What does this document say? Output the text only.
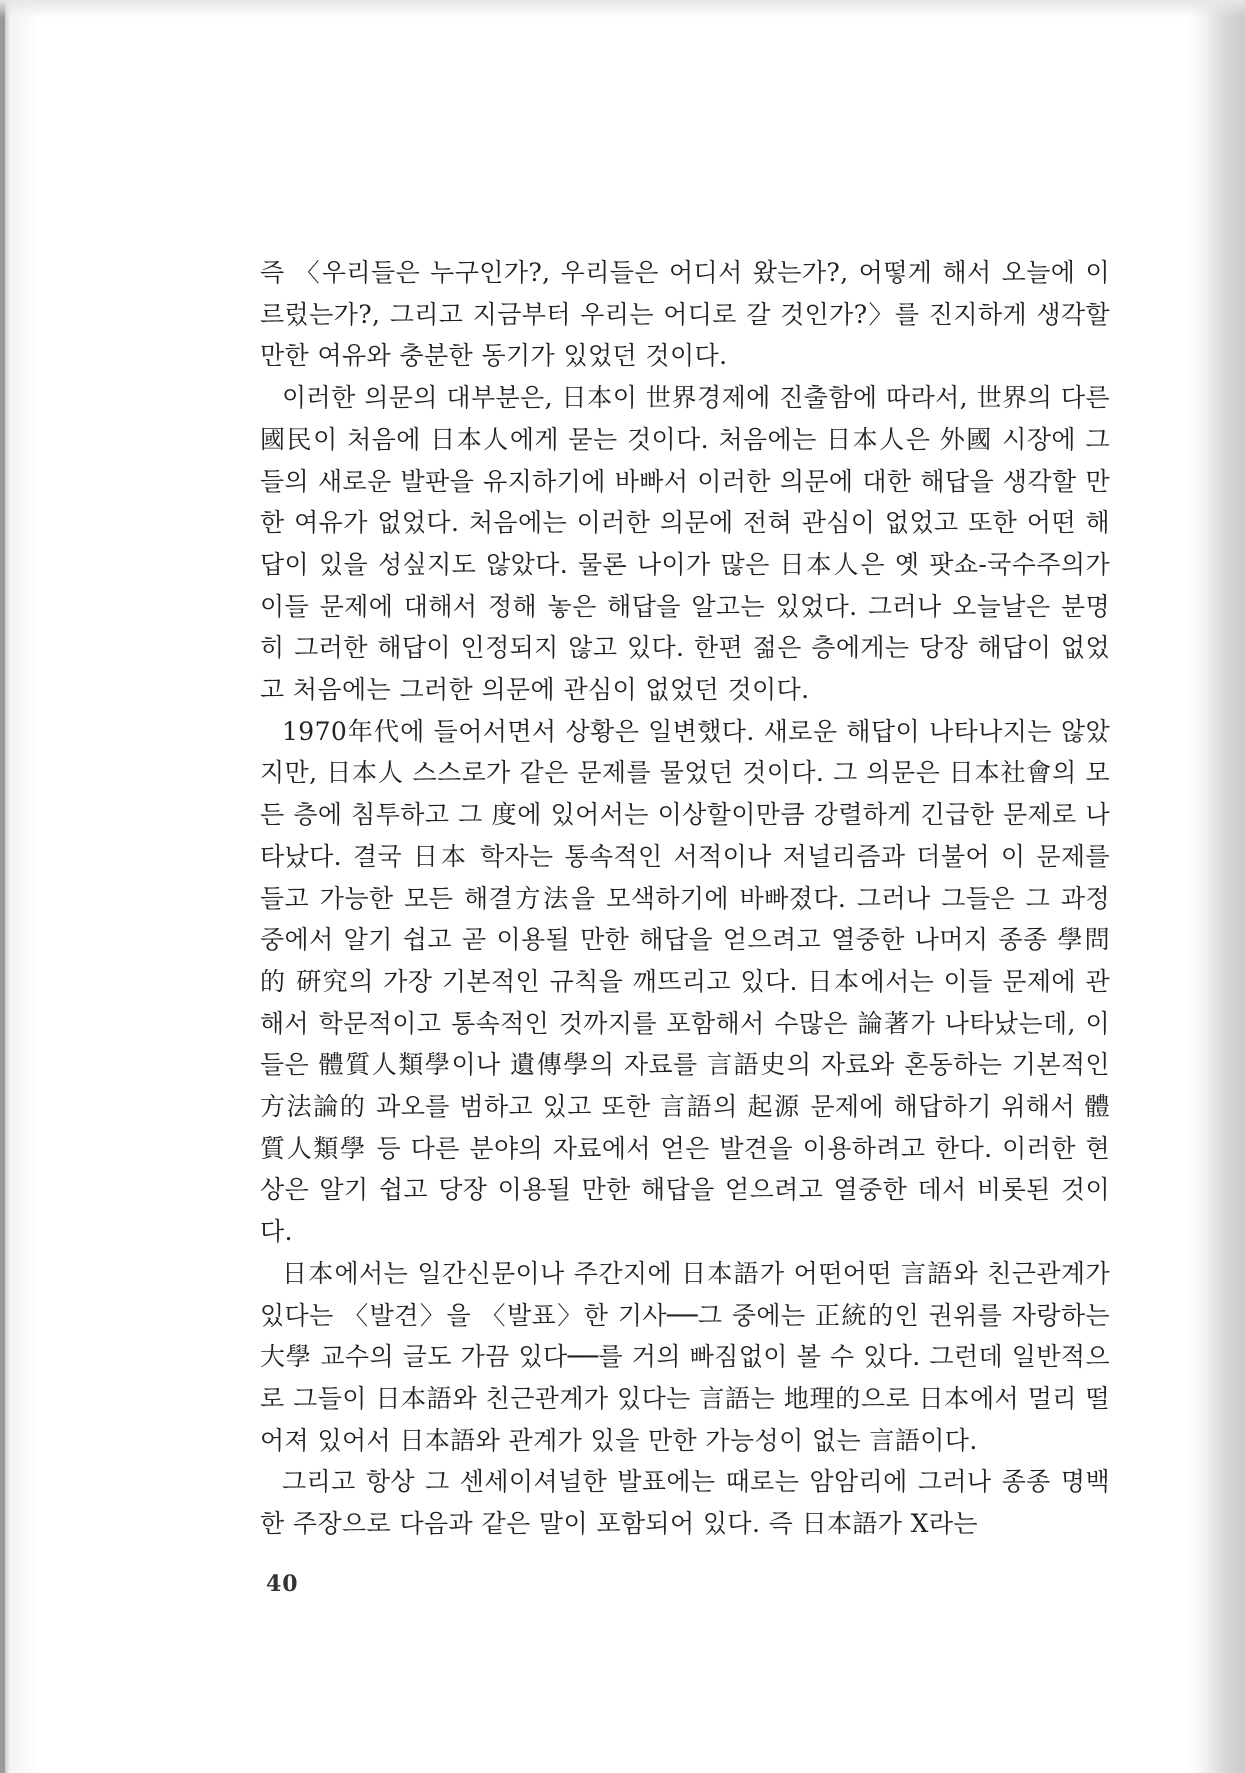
즉 〈우리들은 누구인가?, 우리들은 어디서 왔는가?, 어떻게 해서 오늘에 이르렀는가?, 그리고 지금부터 우리는 어디로 갈 것인가?〉를 진지하게 생각할 만한 여유와 충분한 동기가 있었던 것이다.

이러한 의문의 대부분은, 日本이 世界경제에 진출함에 따라서, 世界의 다른 國民이 처음에 日本人에게 묻는 것이다. 처음에는 日本人은 外國 시장에 그들의 새로운 발판을 유지하기에 바빠서 이러한 의문에 대한 해답을 생각할 만한 여유가 없었다. 처음에는 이러한 의문에 전혀 관심이 없었고 또한 어떤 해답이 있을 성싶지도 않았다. 물론 나이가 많은 日本人은 옛 팟쇼-국수주의가 이들 문제에 대해서 정해 놓은 해답을 알고는 있었다. 그러나 오늘날은 분명히 그러한 해답이 인정되지 않고 있다. 한편 젊은 층에게는 당장 해답이 없었고 처음에는 그러한 의문에 관심이 없었던 것이다.

1970年代에 들어서면서 상황은 일변했다. 새로운 해답이 나타나지는 않았지만, 日本人 스스로가 같은 문제를 물었던 것이다. 그 의문은 日本社會의 모든 층에 침투하고 그 度에 있어서는 이상할이만큼 강렬하게 긴급한 문제로 나타났다. 결국 日本 학자는 통속적인 서적이나 저널리즘과 더불어 이 문제를 들고 가능한 모든 해결方法을 모색하기에 바빠졌다. 그러나 그들은 그 과정 중에서 알기 쉽고 곧 이용될 만한 해답을 얻으려고 열중한 나머지 종종 學問的 硏究의 가장 기본적인 규칙을 깨뜨리고 있다. 日本에서는 이들 문제에 관해서 학문적이고 통속적인 것까지를 포함해서 수많은 論著가 나타났는데, 이들은 體質人類學이나 遺傳學의 자료를 言語史의 자료와 혼동하는 기본적인 方法論的 과오를 범하고 있고 또한 言語의 起源 문제에 해답하기 위해서 體質人類學 등 다른 분야의 자료에서 얻은 발견을 이용하려고 한다. 이러한 현상은 알기 쉽고 당장 이용될 만한 해답을 얻으려고 열중한 데서 비롯된 것이다.

日本에서는 일간신문이나 주간지에 日本語가 어떤어떤 言語와 친근관계가 있다는 〈발견〉을 〈발표〉한 기사──그 중에는 正統的인 권위를 자랑하는 大學 교수의 글도 가끔 있다──를 거의 빠짐없이 볼 수 있다. 그런데 일반적으로 그들이 日本語와 친근관계가 있다는 言語는 地理的으로 日本에서 멀리 떨어져 있어서 日本語와 관계가 있을 만한 가능성이 없는 言語이다.

그리고 항상 그 센세이셔널한 발표에는 때로는 암암리에 그러나 종종 명백한 주장으로 다음과 같은 말이 포함되어 있다. 즉 日本語가 X라는

40
